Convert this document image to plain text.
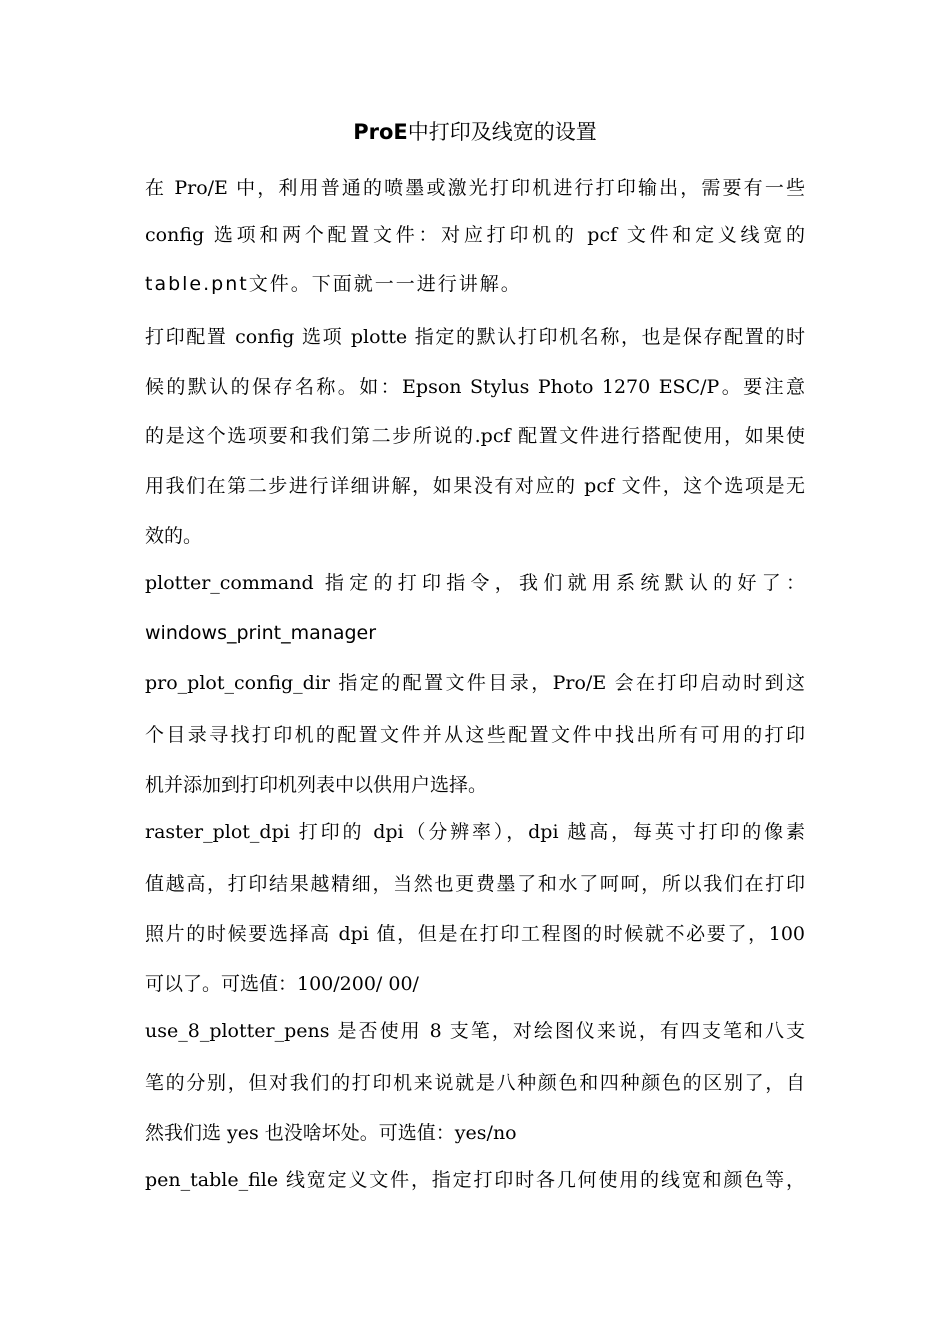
ProE中打印及线宽的设置
在 Pro/E 中，利用普通的喷墨或激光打印机进行打印输出，需要有一些
config 选项和两个配置文件：对应打印机的 pcf 文件和定义线宽的
table.pnt文件。下面就一一进行讲解。
打印配置 config 选项 plotte 指定的默认打印机名称，也是保存配置的时
候的默认的保存名称。如：Epson Stylus Photo 1270 ESC/P。要注意
的是这个选项要和我们第二步所说的.pcf 配置文件进行搭配使用，如果使
用我们在第二步进行详细讲解，如果没有对应的 pcf 文件，这个选项是无
效的。
plotter_command 指定的打印指令，我们就用系统默认的好了：
windows_print_manager
pro_plot_config_dir 指定的配置文件目录，Pro/E 会在打印启动时到这
个目录寻找打印机的配置文件并从这些配置文件中找出所有可用的打印
机并添加到打印机列表中以供用户选择。
raster_plot_dpi 打印的 dpi（分辨率），dpi 越高，每英寸打印的像素
值越高，打印结果越精细，当然也更费墨了和水了呵呵，所以我们在打印
照片的时候要选择高 dpi 值，但是在打印工程图的时候就不必要了，100
可以了。可选值：100/200/ 00/
use_8_plotter_pens 是否使用 8 支笔，对绘图仪来说，有四支笔和八支
笔的分别，但对我们的打印机来说就是八种颜色和四种颜色的区别了，自
然我们选 yes 也没啥坏处。可选值：yes/no
pen_table_file 线宽定义文件，指定打印时各几何使用的线宽和颜色等，
